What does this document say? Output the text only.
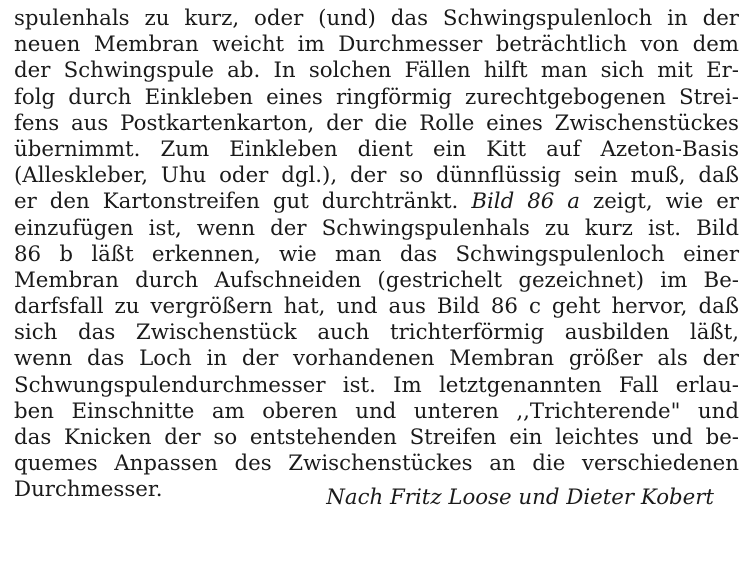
spulenhals zu kurz, oder (und) das Schwingspulenloch in der
neuen Membran weicht im Durchmesser beträchtlich von dem
der Schwingspule ab. In solchen Fällen hilft man sich mit Er-
folg durch Einkleben eines ringförmig zurechtgebogenen Strei-
fens aus Postkartenkarton, der die Rolle eines Zwischenstückes
übernimmt. Zum Einkleben dient ein Kitt auf Azeton-Basis
(Alleskleber, Uhu oder dgl.), der so dünnflüssig sein muß, daß
er den Kartonstreifen gut durchtränkt. Bild 86 a zeigt, wie er
einzufügen ist, wenn der Schwingspulenhals zu kurz ist. Bild
86 b läßt erkennen, wie man das Schwingspulenloch einer
Membran durch Aufschneiden (gestrichelt gezeichnet) im Be-
darfsfall zu vergrößern hat, und aus Bild 86 c geht hervor, daß
sich das Zwischenstück auch trichterförmig ausbilden läßt,
wenn das Loch in der vorhandenen Membran größer als der
Schwungspulendurchmesser ist. Im letztgenannten Fall erlau-
ben Einschnitte am oberen und unteren ,,Trichterende" und
das Knicken der so entstehenden Streifen ein leichtes und be-
quemes Anpassen des Zwischenstückes an die verschiedenen
Durchmesser.	Nach Fritz Loose und Dieter Kobert
